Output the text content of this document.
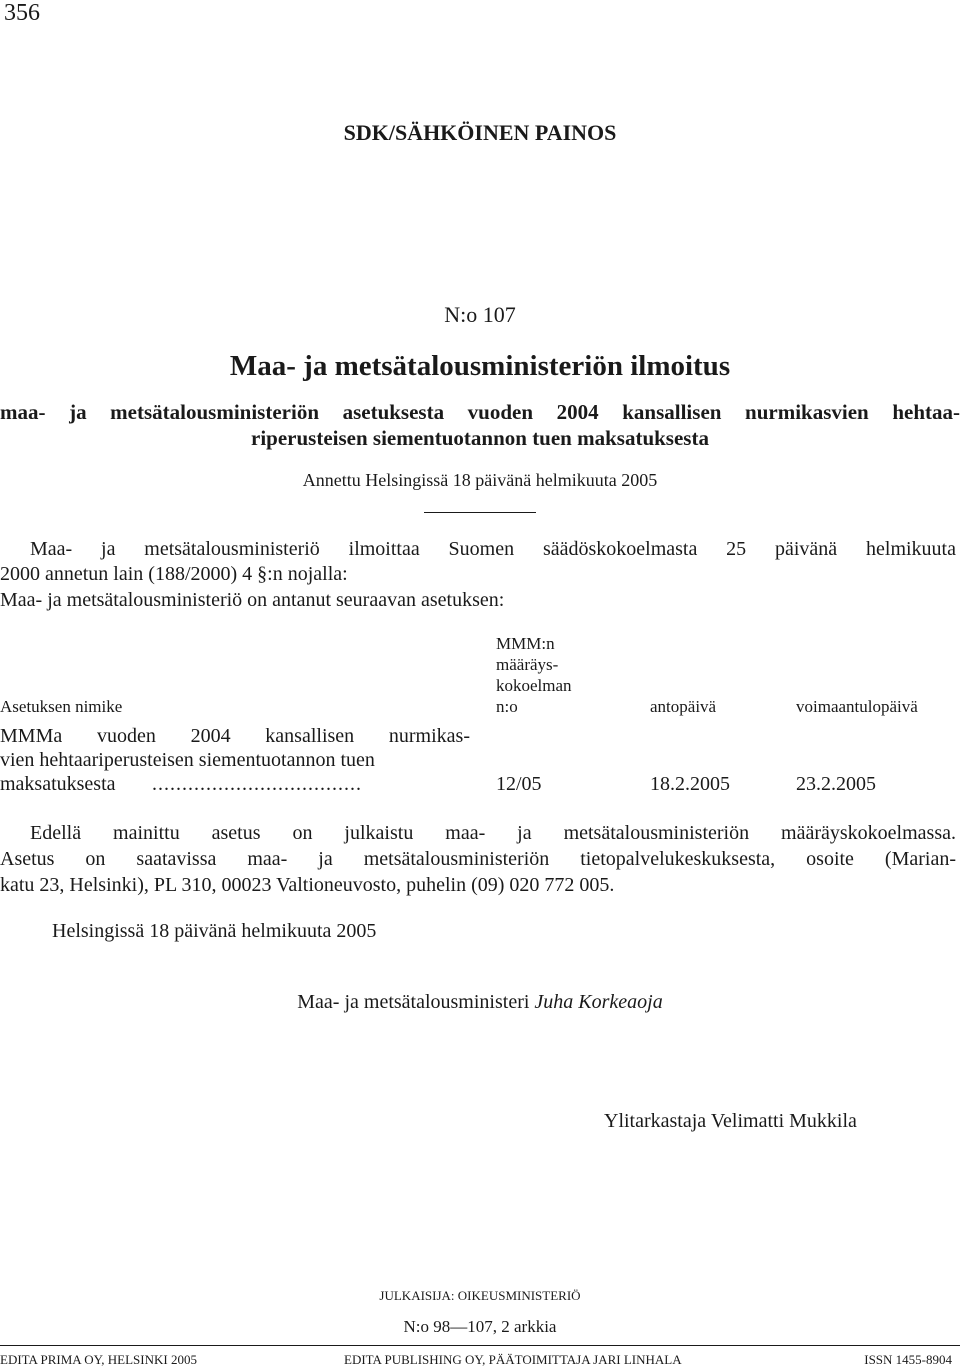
356
SDK/SÄHKÖINEN PAINOS
N:o 107
Maa- ja metsätalousministeriön ilmoitus
maa- ja metsätalousministeriön asetuksesta vuoden 2004 kansallisen nurmikasvien hehtaa-
riperusteisen siementuotannon tuen maksatuksesta
Annettu Helsingissä 18 päivänä helmikuuta 2005
Maa- ja metsätalousministeriö ilmoittaa Suomen säädöskokoelmasta 25 päivänä helmikuuta
2000 annetun lain (188/2000) 4 §:n nojalla:
Maa- ja metsätalousministeriö on antanut seuraavan asetuksen:
MMM:n
määräys-
kokoelman
Asetuksen nimike	n:o	antopäivä	voimaantulopäivä
MMMa vuoden 2004 kansallisen nurmikas-
vien hehtaariperusteisen siementuotannon tuen
maksatuksesta ...................................	12/05	18.2.2005	23.2.2005
Edellä mainittu asetus on julkaistu maa- ja metsätalousministeriön määräyskokoelmassa.
Asetus on saatavissa maa- ja metsätalousministeriön tietopalvelukeskuksesta, osoite (Marian-
katu 23, Helsinki), PL 310, 00023 Valtioneuvosto, puhelin (09) 020 772 005.
Helsingissä 18 päivänä helmikuuta 2005
Maa- ja metsätalousministeri Juha Korkeaoja
Ylitarkastaja Velimatti Mukkila
JULKAISIJA: OIKEUSMINISTERIÖ
N:o 98—107, 2 arkkia
EDITA PRIMA OY, HELSINKI 2005	EDITA PUBLISHING OY, PÄÄTOIMITTAJA JARI LINHALA	ISSN 1455-8904
